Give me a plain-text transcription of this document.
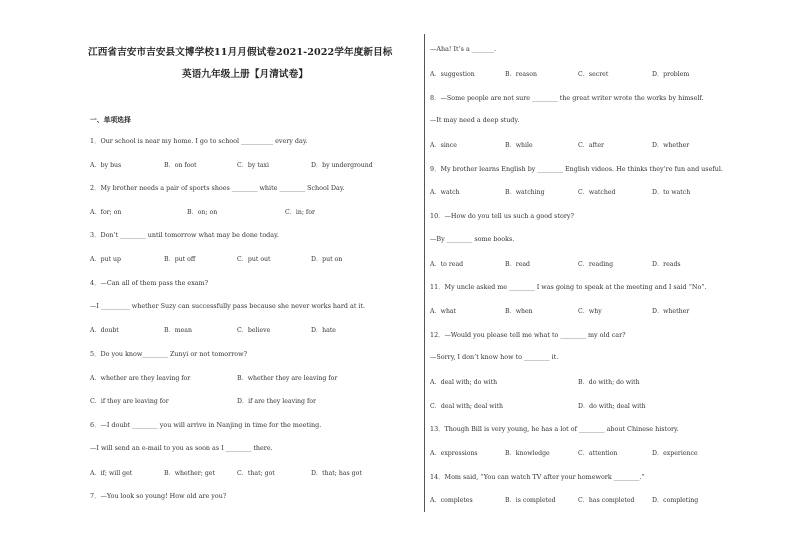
江西省吉安市吉安县文博学校11月月假试卷2021-2022学年度新目标
英语九年级上册【月清试卷】
一、单项选择
1．Our school is near my home. I go to school __________ every day.
A．by bus	B．on foot	C．by taxi	D．by underground
2．My brother needs a pair of sports shoes ________ white ________ School Day.
A．for; on	B．on; on	C．in; for
3．Don’t ________ until tomorrow what may be done today.
A．put up	B．put off	C．put out	D．put on
4．—Can all of them pass the exam?
—I _________ whether Suzy can successfully pass because she never works hard at it.
A．doubt	B．mean	C．believe	D．hate
5．Do you know________ Zunyi or not tomorrow?
A．whether are they leaving for	B．whether they are leaving for
C．if they are leaving for	D．if are they leaving for
6．—I doubt ________ you will arrive in Nanjing in time for the meeting.
—I will send an e-mail to you as soon as I ________ there.
A．if; will get	B．whether; get	C．that; got	D．that; has got
7．—You look so young! How old are you?
—Aha! It’s a _______.
A．suggestion	B．reason	C．secret	D．problem
8．—Some people are not sure ________ the great writer wrote the works by himself.
—It may need a deep study.
A．since	B．while	C．after	D．whether
9．My brother learns English by ________ English videos. He thinks they’re fun and useful.
A．watch	B．watching	C．watched	D．to watch
10．—How do you tell us such a good story?
—By ________ some books.
A．to read	B．read	C．reading	D．reads
11．My uncle asked me ________ I was going to speak at the meeting and I said “No”.
A．what	B．when	C．why	D．whether
12．—Would you please tell me what to ________ my old car?
—Sorry, I don’t know how to ________ it.
A．deal with; do with	B．do with; do with
C．deal with; deal with	D．do with; deal with
13．Though Bill is very young, he has a lot of ________ about Chinese history.
A．expressions	B．knowledge	C．attention	D．experience
14．Mom said, “You can watch TV after your homework ________.”
A．completes	B．is completed	C．has completed	D．completing
